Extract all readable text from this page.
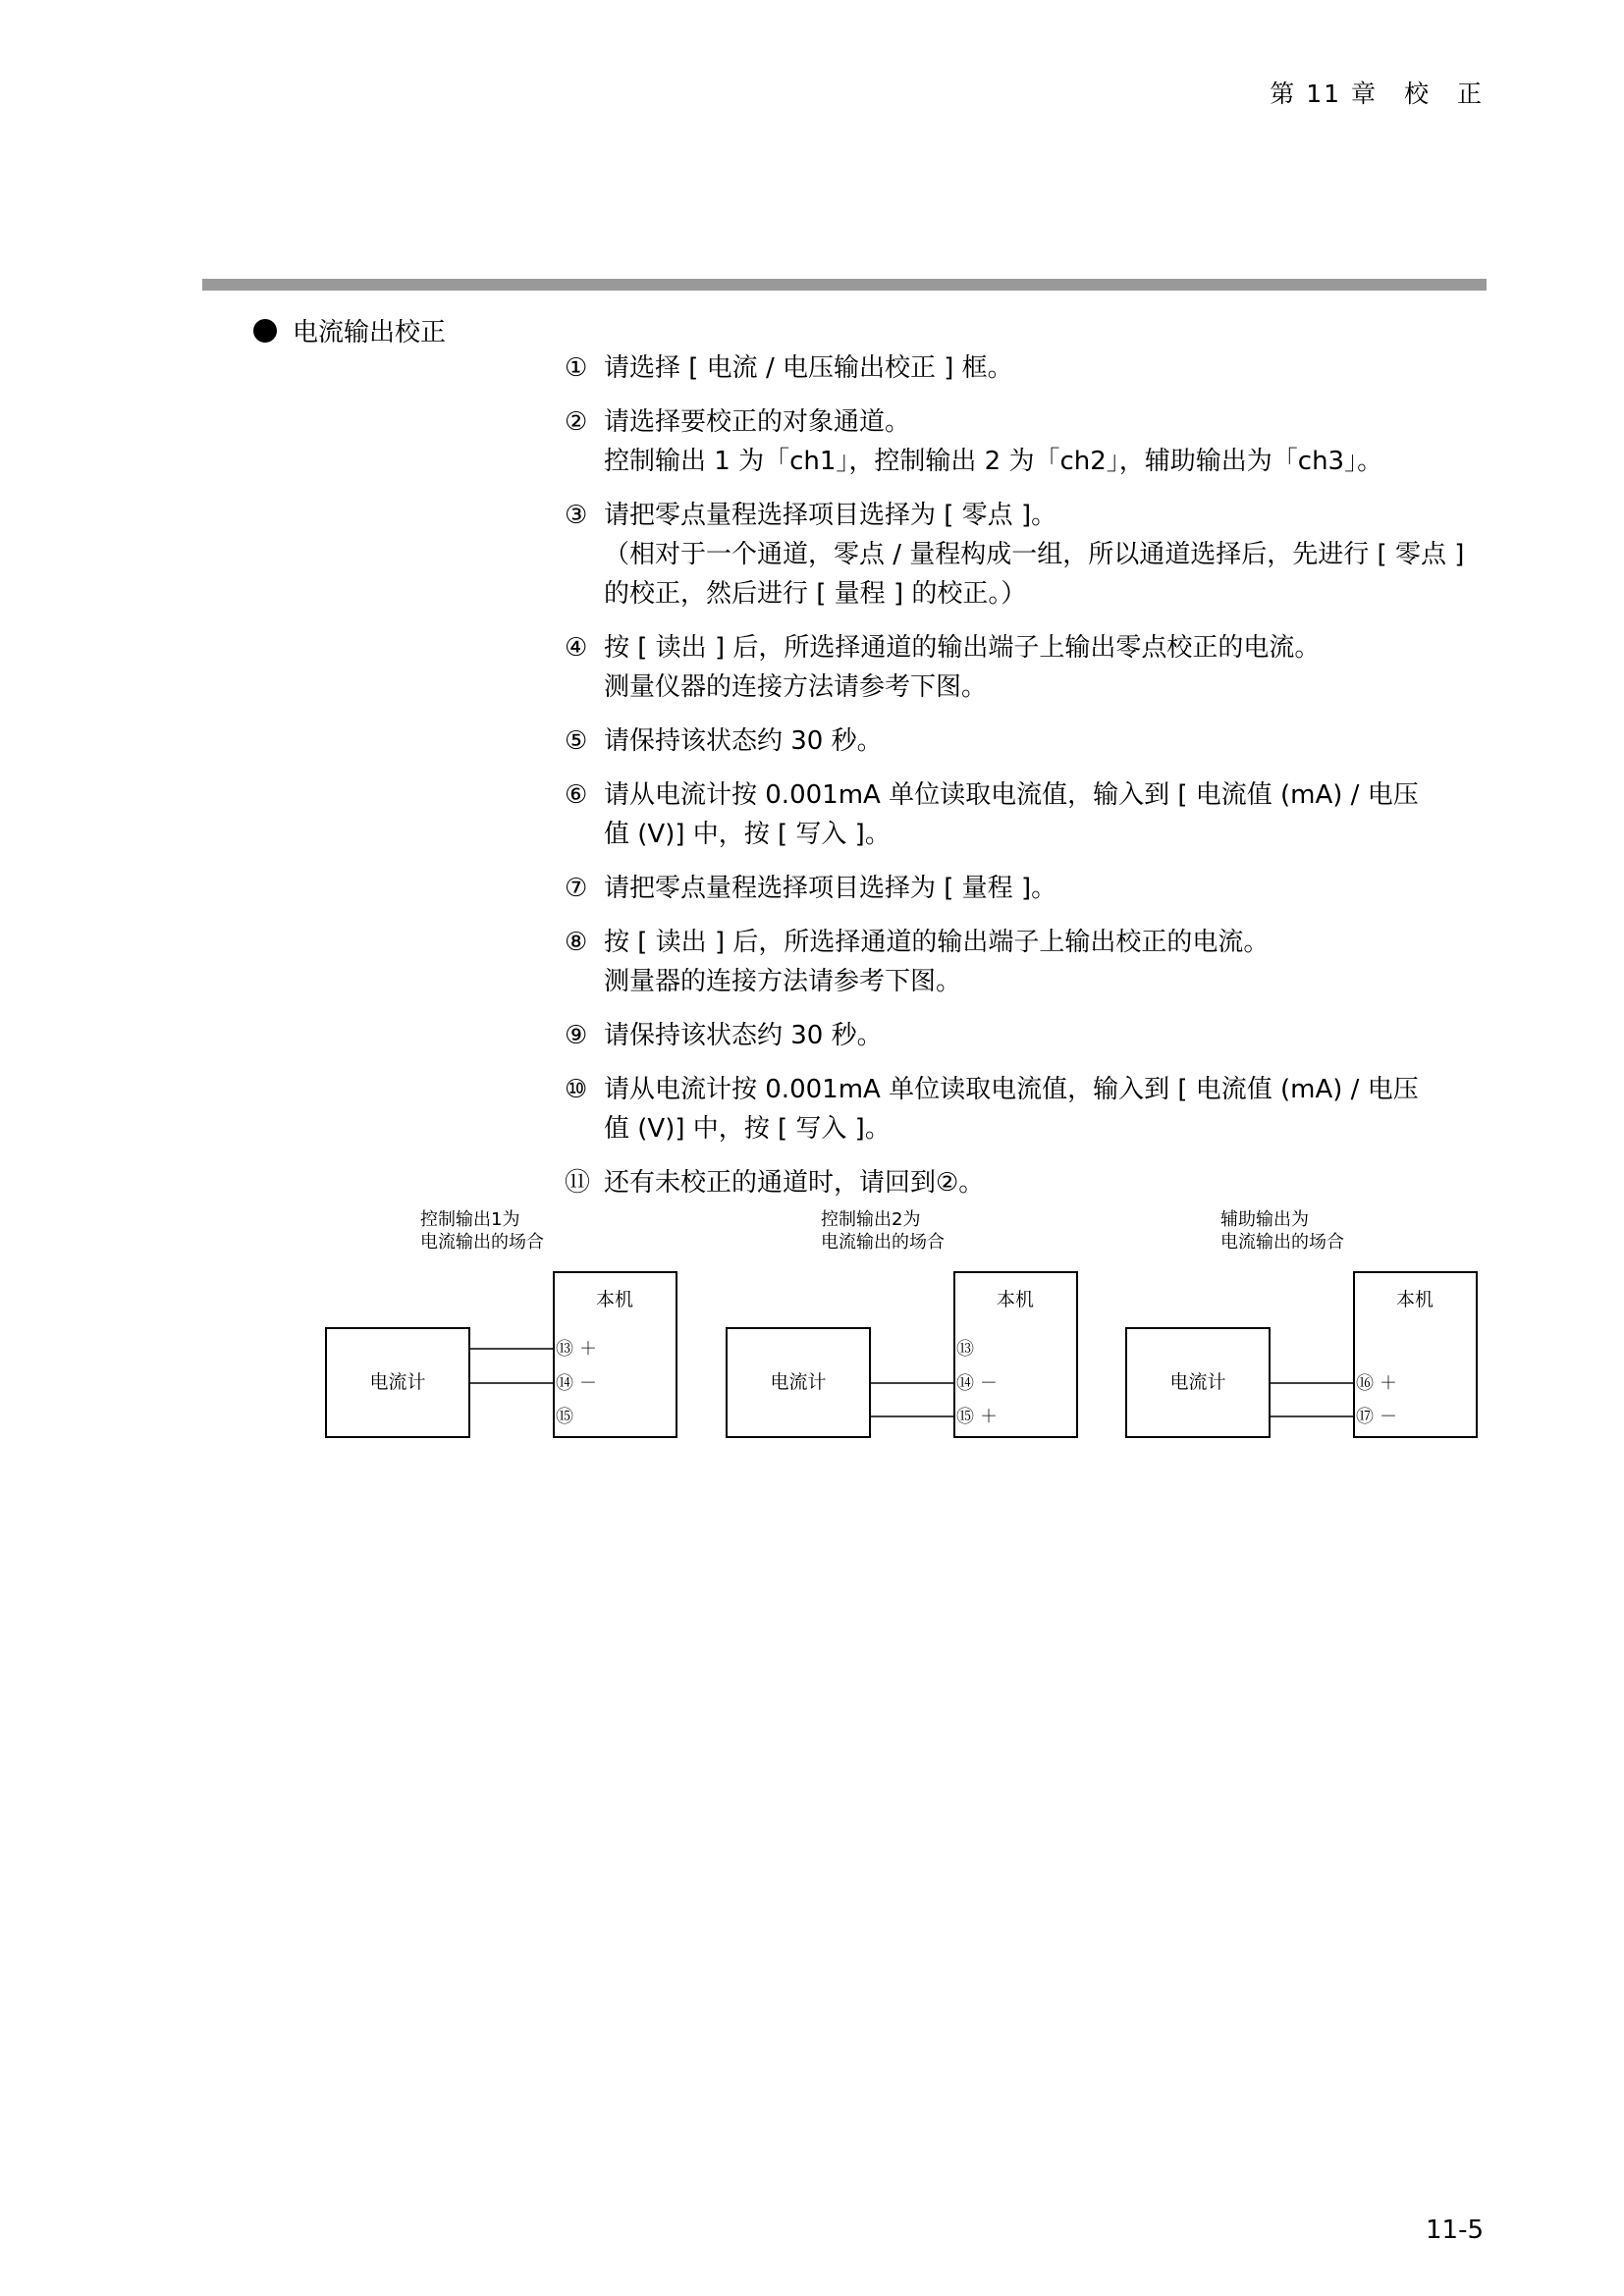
第 11 章　校　正
电流输出校正
① 请选择 [ 电流 / 电压输出校正 ] 框。
② 请选择要校正的对象通道。
控制输出 1 为「ch1」，控制输出 2 为「ch2」，辅助输出为「ch3」。
③ 请把零点量程选择项目选择为 [ 零点 ]。
（相对于一个通道，零点 / 量程构成一组，所以通道选择后，先进行 [ 零点 ]
的校正，然后进行 [ 量程 ] 的校正。）
④ 按 [ 读出 ] 后，所选择通道的输出端子上输出零点校正的电流。
测量仪器的连接方法请参考下图。
⑤ 请保持该状态约 30 秒。
⑥ 请从电流计按 0.001mA 单位读取电流值，输入到 [ 电流值 (mA) / 电压
值 (V)] 中，按 [ 写入 ]。
⑦ 请把零点量程选择项目选择为 [ 量程 ]。
⑧ 按 [ 读出 ] 后，所选择通道的输出端子上输出校正的电流。
测量器的连接方法请参考下图。
⑨ 请保持该状态约 30 秒。
⑩ 请从电流计按 0.001mA 单位读取电流值，输入到 [ 电流值 (mA) / 电压
值 (V)] 中，按 [ 写入 ]。
⑪ 还有未校正的通道时，请回到②。
控制输出1为
电流输出的场合
电流计
本机
⑬ ＋
⑭ －
⑮
控制输出2为
电流输出的场合
电流计
本机
⑬
⑭ －
⑮ ＋
辅助输出为
电流输出的场合
电流计
本机
⑯ ＋
⑰ －
11-5
